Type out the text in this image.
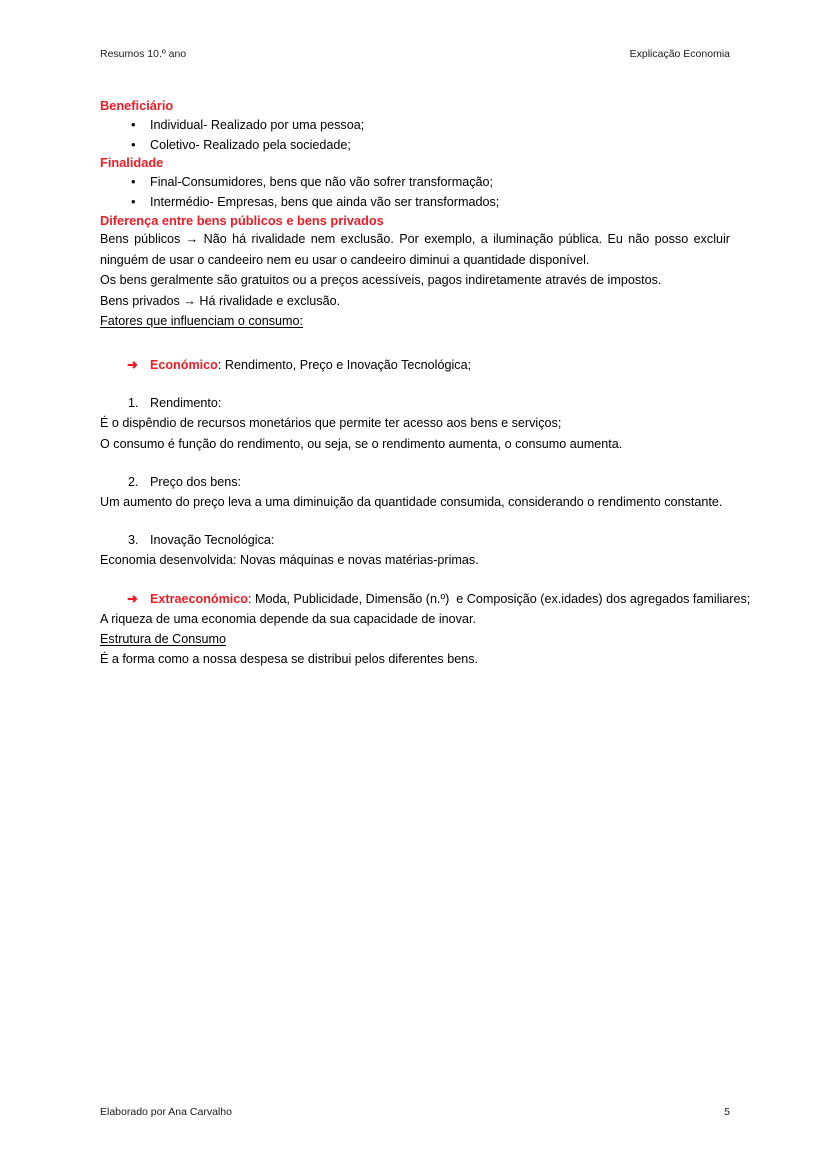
Resumos 10.º ano	Explicação Economia
Beneficiário
• Individual- Realizado por uma pessoa;
• Coletivo- Realizado pela sociedade;
Finalidade
• Final-Consumidores, bens que não vão sofrer transformação;
• Intermédio- Empresas, bens que ainda vão ser transformados;
Diferença entre bens públicos e bens privados

Bens públicos → Não há rivalidade nem exclusão. Por exemplo, a iluminação pública. Eu não posso excluir ninguém de usar o candeeiro nem eu usar o candeeiro diminui a quantidade disponível.

Os bens geralmente são gratuitos ou a preços acessíveis, pagos indiretamente através de impostos.

Bens privados → Há rivalidade e exclusão.

Fatores que influenciam o consumo:

➜ Económico: Rendimento, Preço e Inovação Tecnológica;
1. Rendimento:

É o dispêndio de recursos monetários que permite ter acesso aos bens e serviços;

O consumo é função do rendimento, ou seja, se o rendimento aumenta, o consumo aumenta.

2. Preço dos bens:

Um aumento do preço leva a uma diminuição da quantidade consumida, considerando o rendimento constante.

3. Inovação Tecnológica:

Economia desenvolvida: Novas máquinas e novas matérias-primas.

➜ Extraeconómico: Moda, Publicidade, Dimensão (n.º)  e Composição (ex.idades) dos agregados familiares;

A riqueza de uma economia depende da sua capacidade de inovar.

Estrutura de Consumo

É a forma como a nossa despesa se distribui pelos diferentes bens.

Elaborado por Ana Carvalho	5
